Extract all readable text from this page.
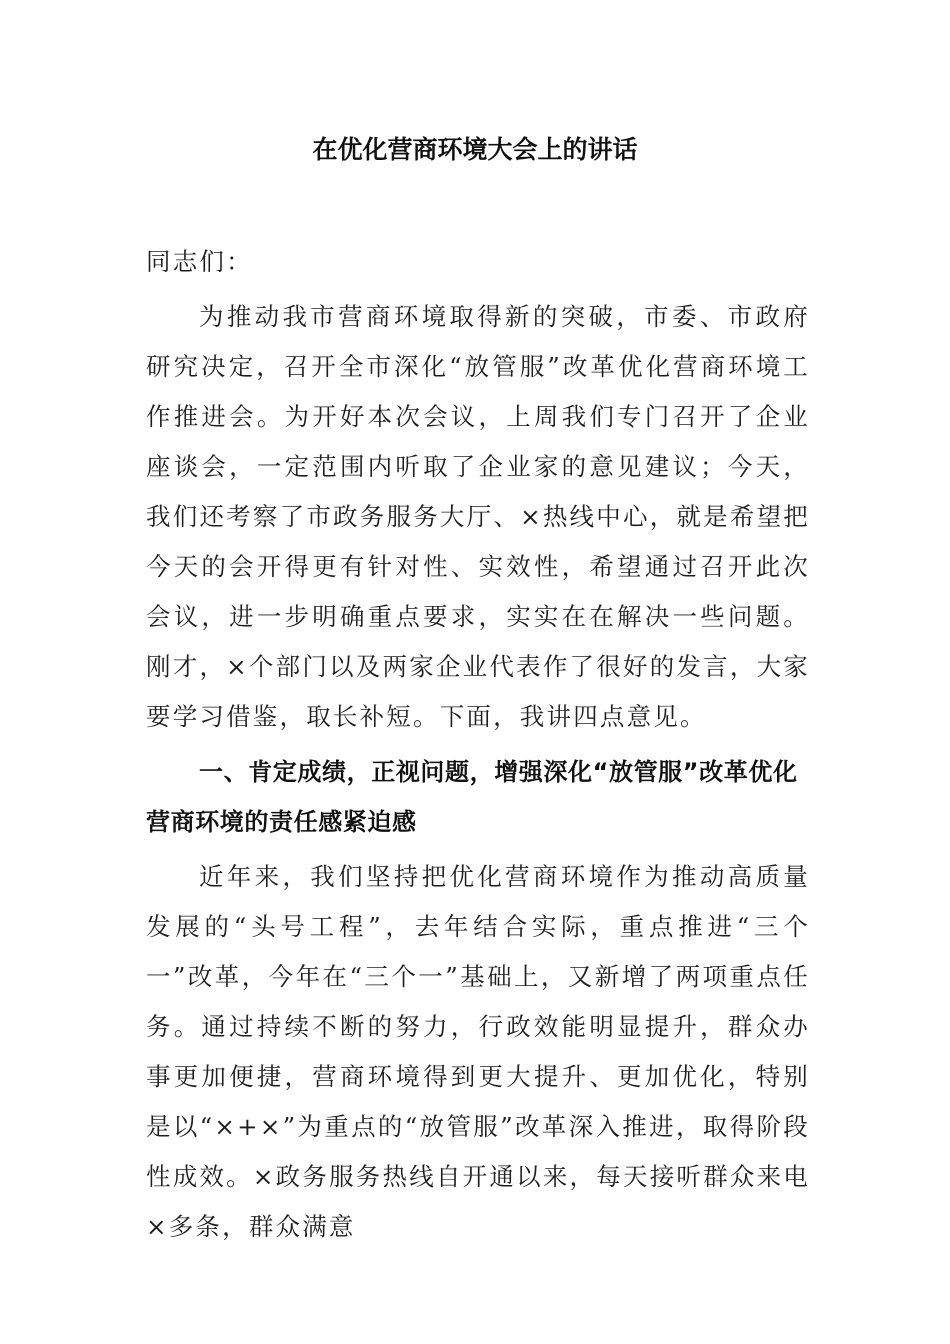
在优化营商环境大会上的讲话
同志们：
为推动我市营商环境取得新的突破，市委、市政府研究决定，召开全市深化“放管服”改革优化营商环境工作推进会。为开好本次会议，上周我们专门召开了企业座谈会，一定范围内听取了企业家的意见建议；今天，我们还考察了市政务服务大厅、×热线中心，就是希望把今天的会开得更有针对性、实效性，希望通过召开此次会议，进一步明确重点要求，实实在在解决一些问题。刚才，×个部门以及两家企业代表作了很好的发言，大家要学习借鉴，取长补短。下面，我讲四点意见。
一、肯定成绩，正视问题，增强深化“放管服”改革优化营商环境的责任感紧迫感
近年来，我们坚持把优化营商环境作为推动高质量发展的“头号工程”，去年结合实际，重点推进“三个一”改革，今年在“三个一”基础上，又新增了两项重点任务。通过持续不断的努力，行政效能明显提升，群众办事更加便捷，营商环境得到更大提升、更加优化，特别是以“×+×”为重点的“放管服”改革深入推进，取得阶段性成效。×政务服务热线自开通以来，每天接听群众来电×多条，群众满意
